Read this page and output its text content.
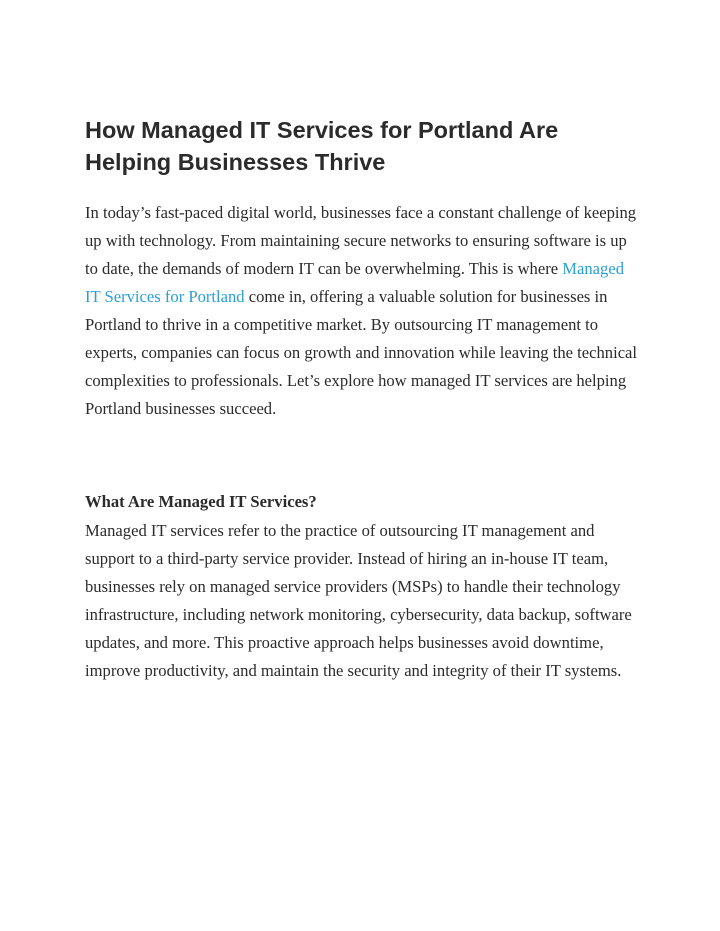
How Managed IT Services for Portland Are Helping Businesses Thrive

In today’s fast-paced digital world, businesses face a constant challenge of keeping up with technology. From maintaining secure networks to ensuring software is up to date, the demands of modern IT can be overwhelming. This is where Managed IT Services for Portland come in, offering a valuable solution for businesses in Portland to thrive in a competitive market. By outsourcing IT management to experts, companies can focus on growth and innovation while leaving the technical complexities to professionals. Let’s explore how managed IT services are helping Portland businesses succeed.

What Are Managed IT Services?

Managed IT services refer to the practice of outsourcing IT management and support to a third-party service provider. Instead of hiring an in-house IT team, businesses rely on managed service providers (MSPs) to handle their technology infrastructure, including network monitoring, cybersecurity, data backup, software updates, and more. This proactive approach helps businesses avoid downtime, improve productivity, and maintain the security and integrity of their IT systems.
